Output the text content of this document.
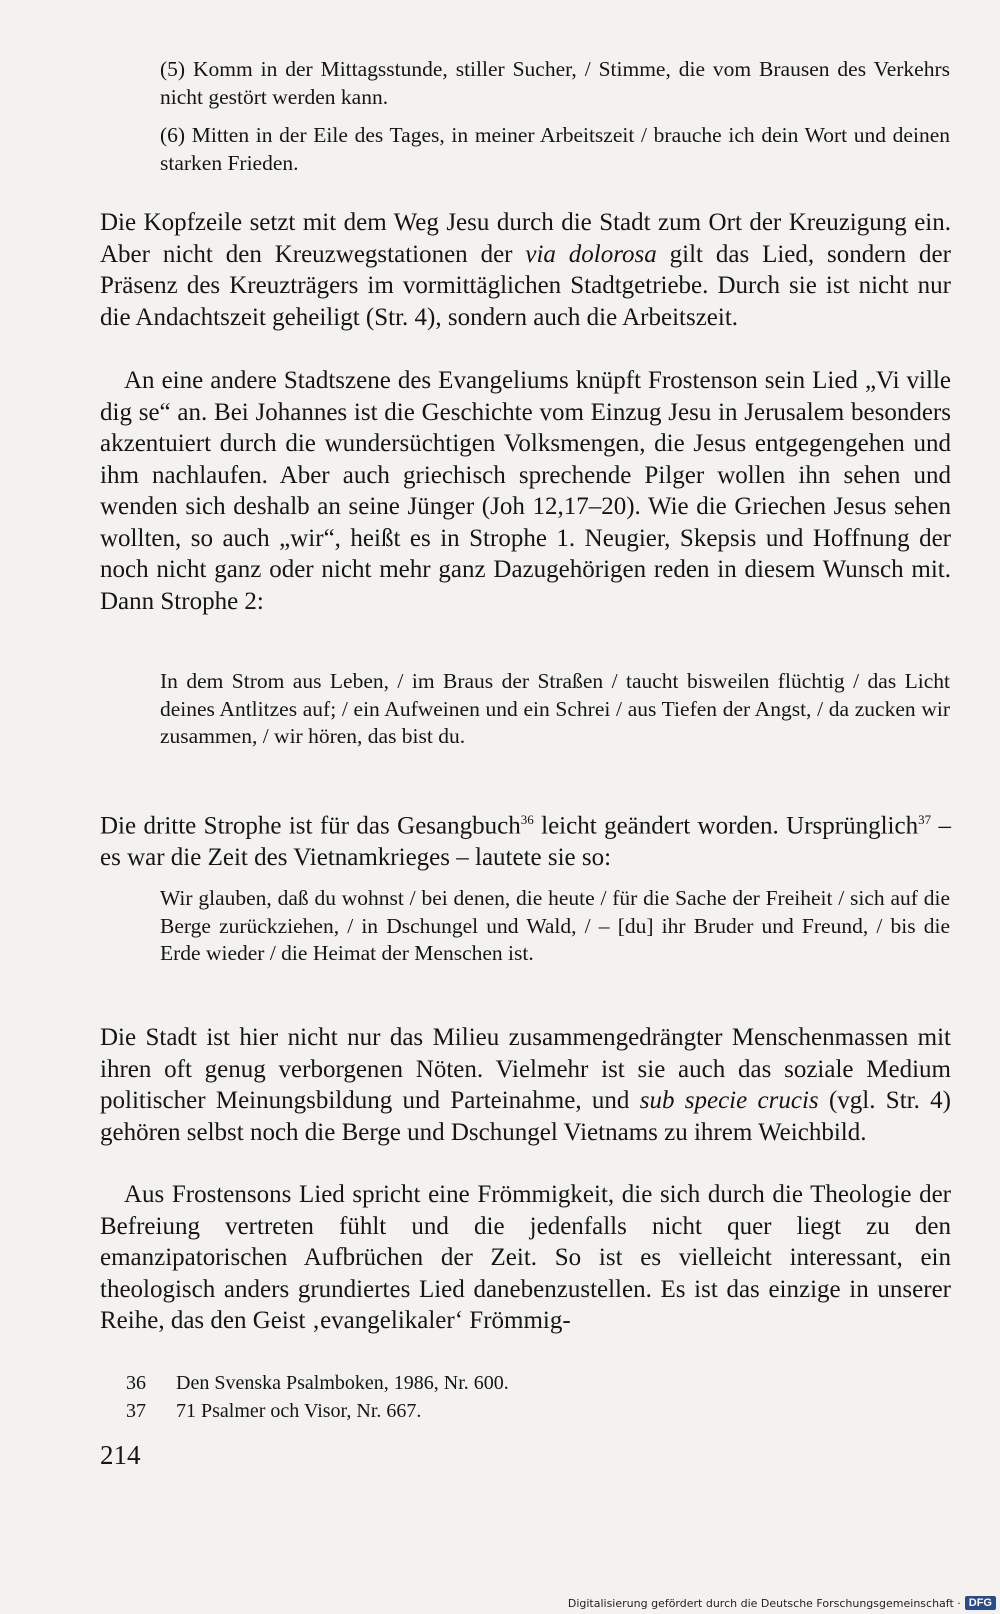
(5) Komm in der Mittagsstunde, stiller Sucher, / Stimme, die vom Brausen des Verkehrs nicht gestört werden kann.
(6) Mitten in der Eile des Tages, in meiner Arbeitszeit / brauche ich dein Wort und deinen starken Frieden.
Die Kopfzeile setzt mit dem Weg Jesu durch die Stadt zum Ort der Kreuzigung ein. Aber nicht den Kreuzwegstationen der via dolorosa gilt das Lied, sondern der Präsenz des Kreuzträgers im vormittäglichen Stadtgetriebe. Durch sie ist nicht nur die Andachtszeit geheiligt (Str. 4), sondern auch die Arbeitszeit.
An eine andere Stadtszene des Evangeliums knüpft Frostenson sein Lied „Vi ville dig se“ an. Bei Johannes ist die Geschichte vom Einzug Jesu in Jerusalem besonders akzentuiert durch die wundersüchtigen Volksmengen, die Jesus entgegengehen und ihm nachlaufen. Aber auch griechisch sprechende Pilger wollen ihn sehen und wenden sich deshalb an seine Jünger (Joh 12,17–20). Wie die Griechen Jesus sehen wollten, so auch „wir“, heißt es in Strophe 1. Neugier, Skepsis und Hoffnung der noch nicht ganz oder nicht mehr ganz Dazugehörigen reden in diesem Wunsch mit. Dann Strophe 2:
In dem Strom aus Leben, / im Braus der Straßen / taucht bisweilen flüchtig / das Licht deines Antlitzes auf; / ein Aufweinen und ein Schrei / aus Tiefen der Angst, / da zucken wir zusammen, / wir hören, das bist du.
Die dritte Strophe ist für das Gesangbuch$^{36}$ leicht geändert worden. Ursprünglich$^{37}$ – es war die Zeit des Vietnamkrieges – lautete sie so:
Wir glauben, daß du wohnst / bei denen, die heute / für die Sache der Freiheit / sich auf die Berge zurückziehen, / in Dschungel und Wald, / – [du] ihr Bruder und Freund, / bis die Erde wieder / die Heimat der Menschen ist.
Die Stadt ist hier nicht nur das Milieu zusammengedrängter Menschenmassen mit ihren oft genug verborgenen Nöten. Vielmehr ist sie auch das soziale Medium politischer Meinungsbildung und Parteinahme, und sub specie crucis (vgl. Str. 4) gehören selbst noch die Berge und Dschungel Vietnams zu ihrem Weichbild.
Aus Frostensons Lied spricht eine Frömmigkeit, die sich durch die Theologie der Befreiung vertreten fühlt und die jedenfalls nicht quer liegt zu den emanzipatorischen Aufbrüchen der Zeit. So ist es vielleicht interessant, ein theologisch anders grundiertes Lied danebenzustellen. Es ist das einzige in unserer Reihe, das den Geist ‚evangelikaler‘ Frömmig-
36 Den Svenska Psalmboken, 1986, Nr. 600.
37 71 Psalmer och Visor, Nr. 667.
214
Digitalisierung gefördert durch die Deutsche Forschungsgemeinschaft · DFG
